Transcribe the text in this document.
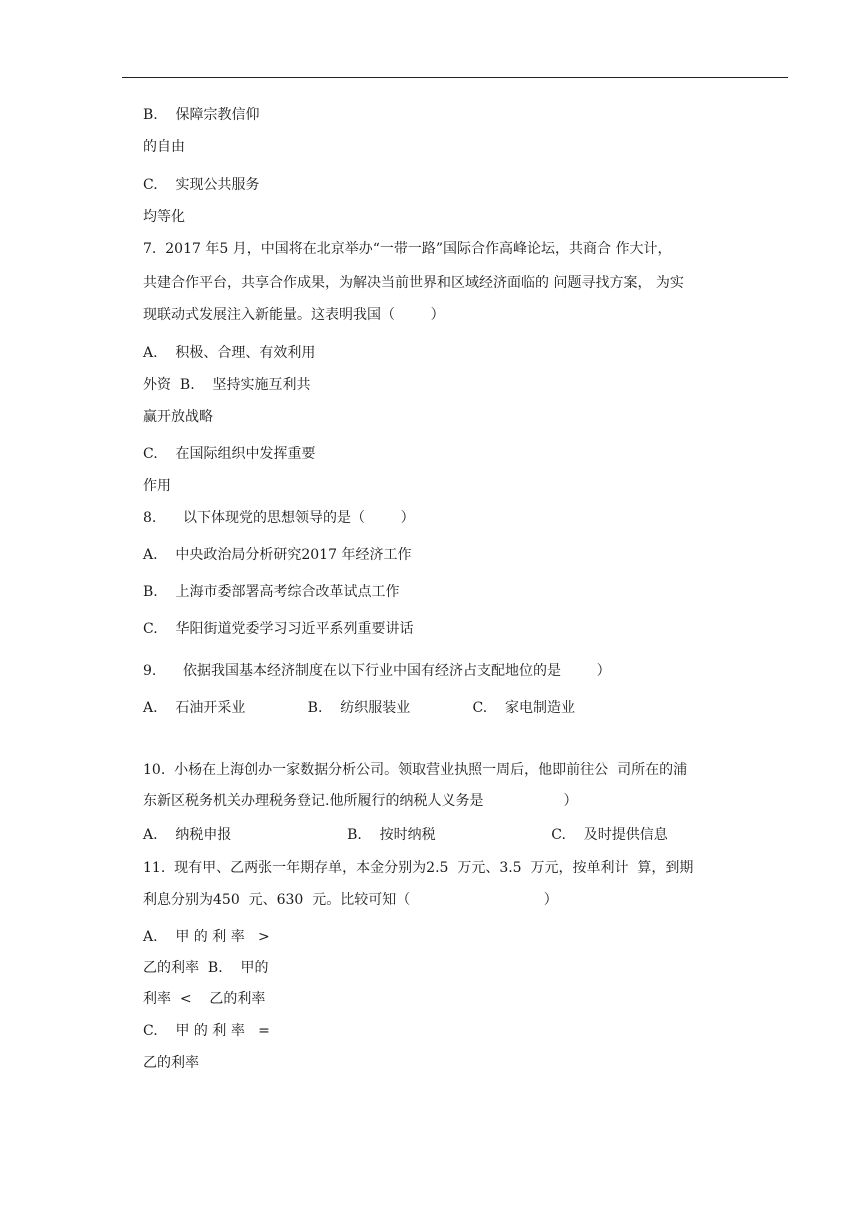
B.    保障宗教信仰
的自由
C.    实现公共服务
均等化
7.  2017 年5 月，中国将在北京举办“一带一路”国际合作高峰论坛，共商合 作大计，
共建合作平台，共享合作成果，为解决当前世界和区域经济面临的 问题寻找方案， 为实
现联动式发展注入新能量。这表明我国（        ）
A.    积极、合理、有效利用
外资  B.    坚持实施互利共
赢开放战略
C.    在国际组织中发挥重要
作用
8.      以下体现党的思想领导的是（        ）
A.    中央政治局分析研究2017 年经济工作
B.    上海市委部署高考综合改革试点工作
C.    华阳街道党委学习习近平系列重要讲话
9.      依据我国基本经济制度在以下行业中国有经济占支配地位的是        ）
A.    石油开采业              B.    纺织服装业              C.    家电制造业
10.  小杨在上海创办一家数据分析公司。领取营业执照一周后，他即前往公  司所在的浦
东新区税务机关办理税务登记.他所履行的纳税人义务是                  ）
A.    纳税申报                          B.    按时纳税                          C.    及时提供信息
11.  现有甲、乙两张一年期存单，本金分别为2.5  万元、3.5  万元，按单利计  算，到期
利息分别为450  元、630  元。比较可知（                              ）
A.    甲 的 利 率   >
乙的利率  B.    甲的
利率  <    乙的利率
C.    甲 的 利 率   =
乙的利率
